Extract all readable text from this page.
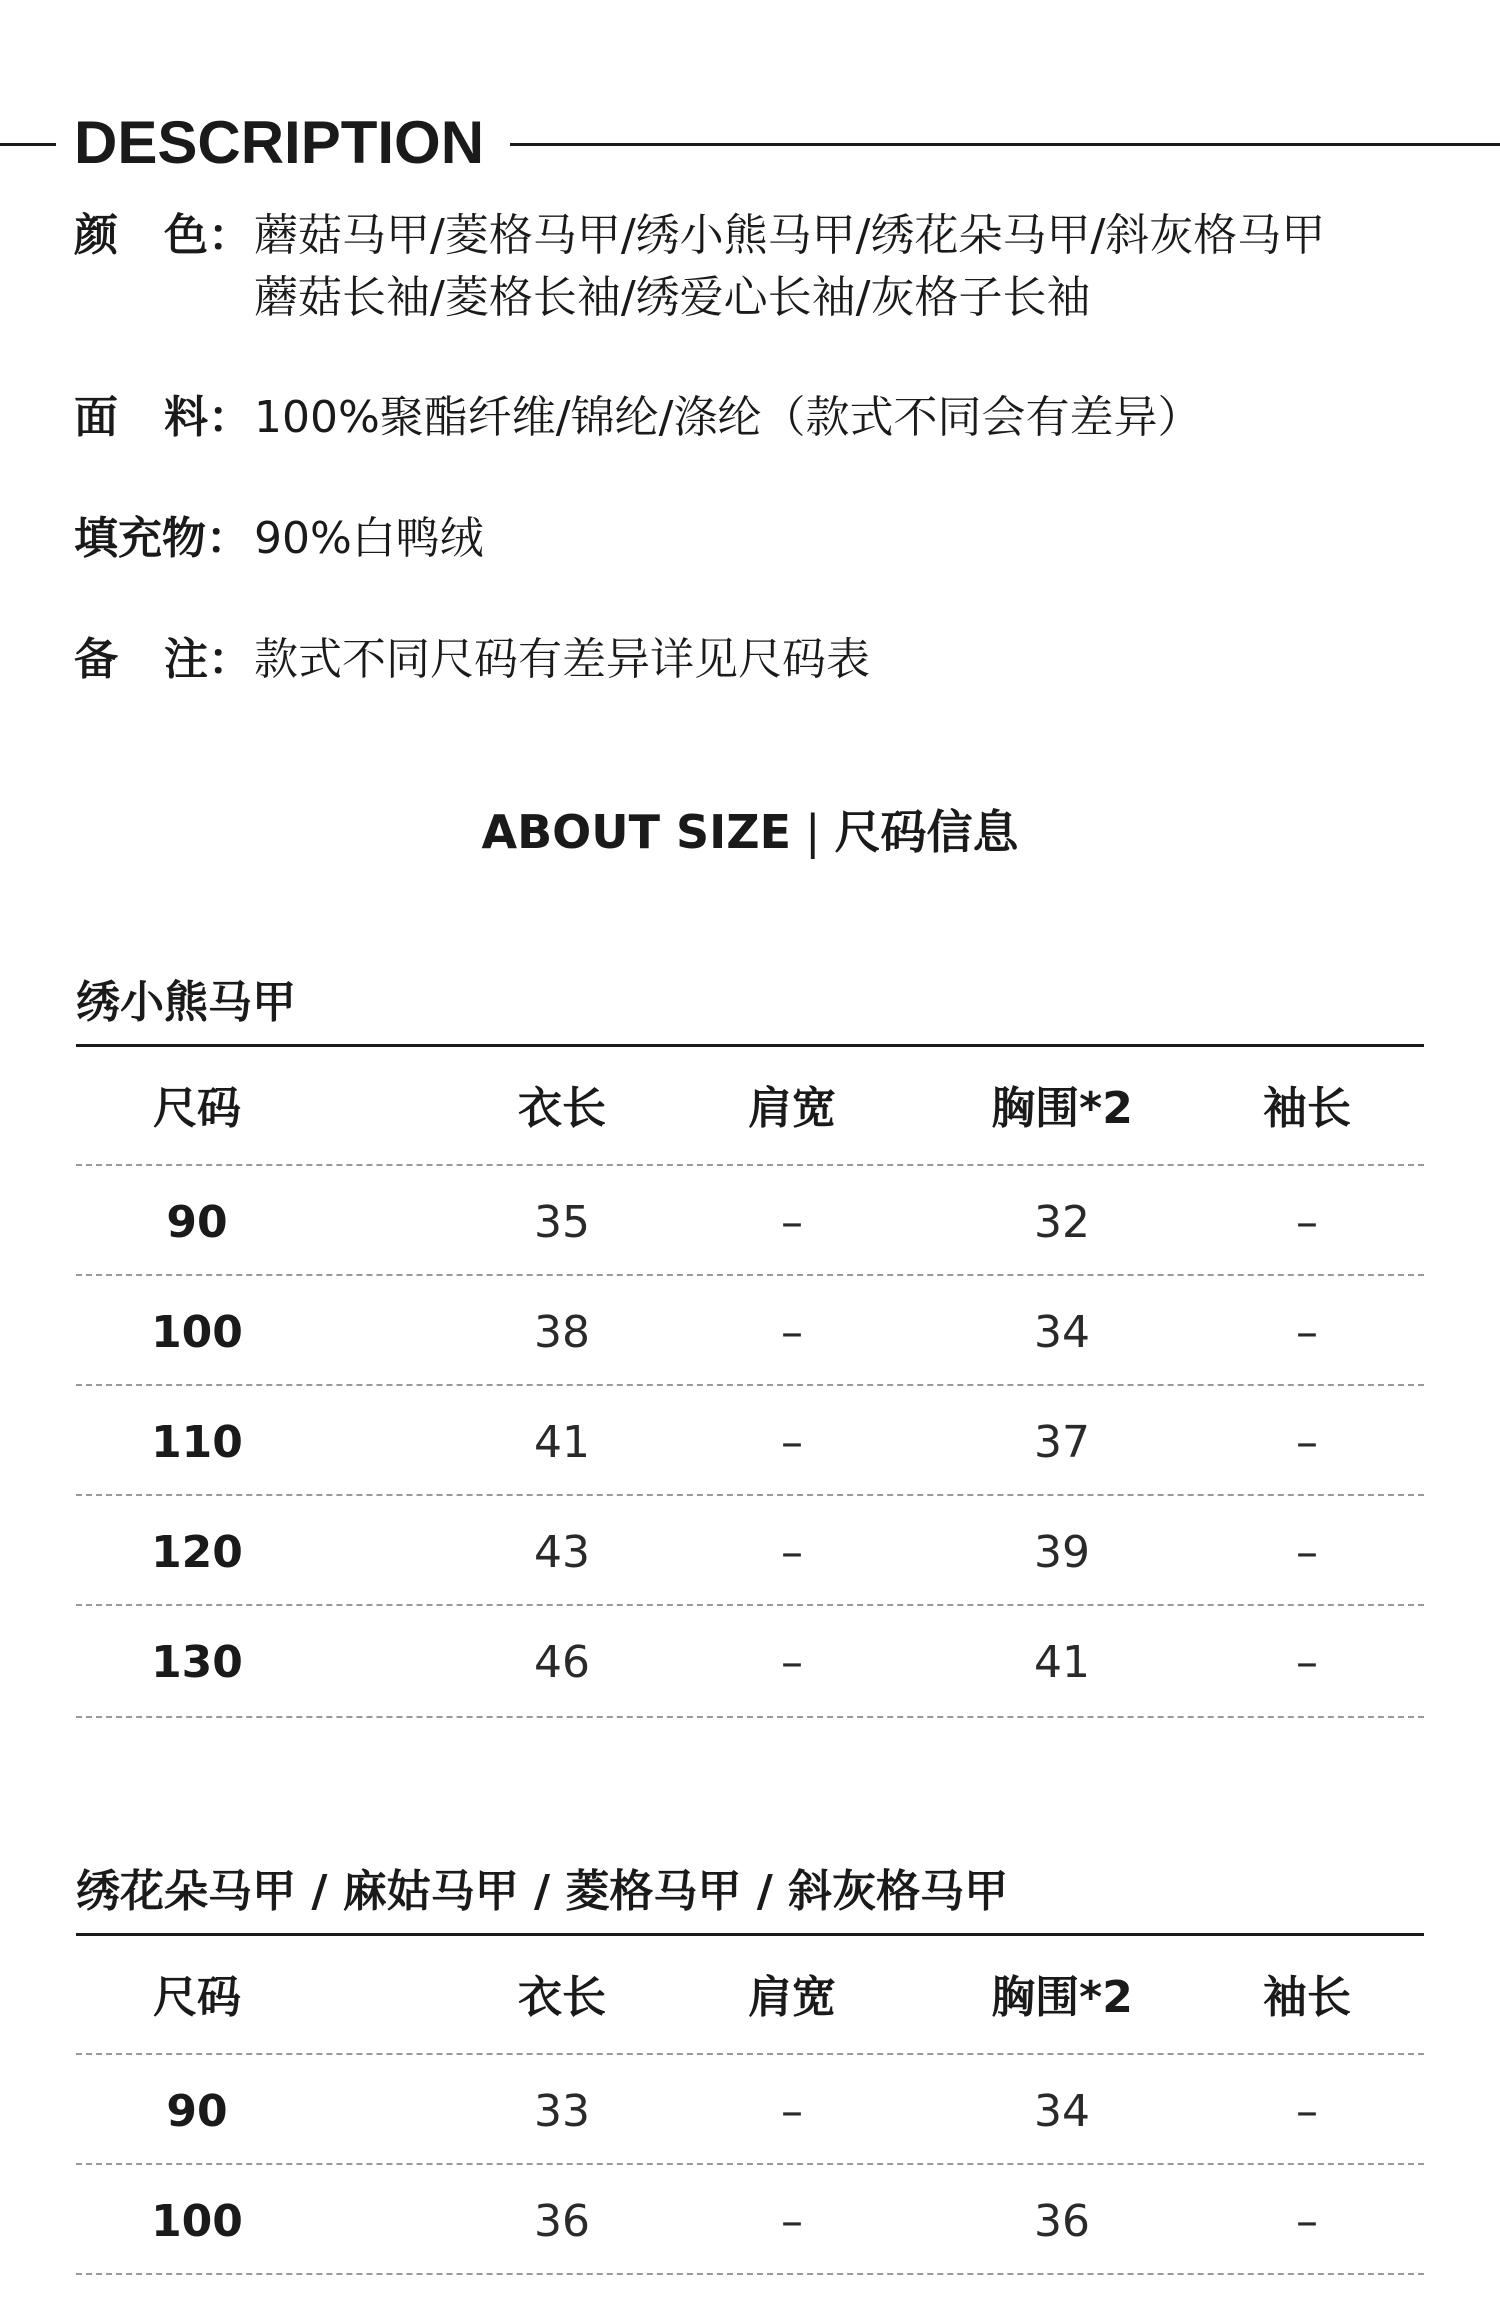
DESCRIPTION
颜 色： 蘑菇马甲/菱格马甲/绣小熊马甲/绣花朵马甲/斜灰格马甲
蘑菇长袖/菱格长袖/绣爱心长袖/灰格子长袖
面 料： 100%聚酯纤维/锦纶/涤纶（款式不同会有差异）
填充物： 90%白鸭绒
备 注： 款式不同尺码有差异详见尺码表
ABOUT SIZE | 尺码信息
绣小熊马甲
尺码	衣长	肩宽	胸围*2	袖长
90	35	–	32	–
100	38	–	34	–
110	41	–	37	–
120	43	–	39	–
130	46	–	41	–
绣花朵马甲 / 麻姑马甲 / 菱格马甲 / 斜灰格马甲
尺码	衣长	肩宽	胸围*2	袖长
90	33	–	34	–
100	36	–	36	–
